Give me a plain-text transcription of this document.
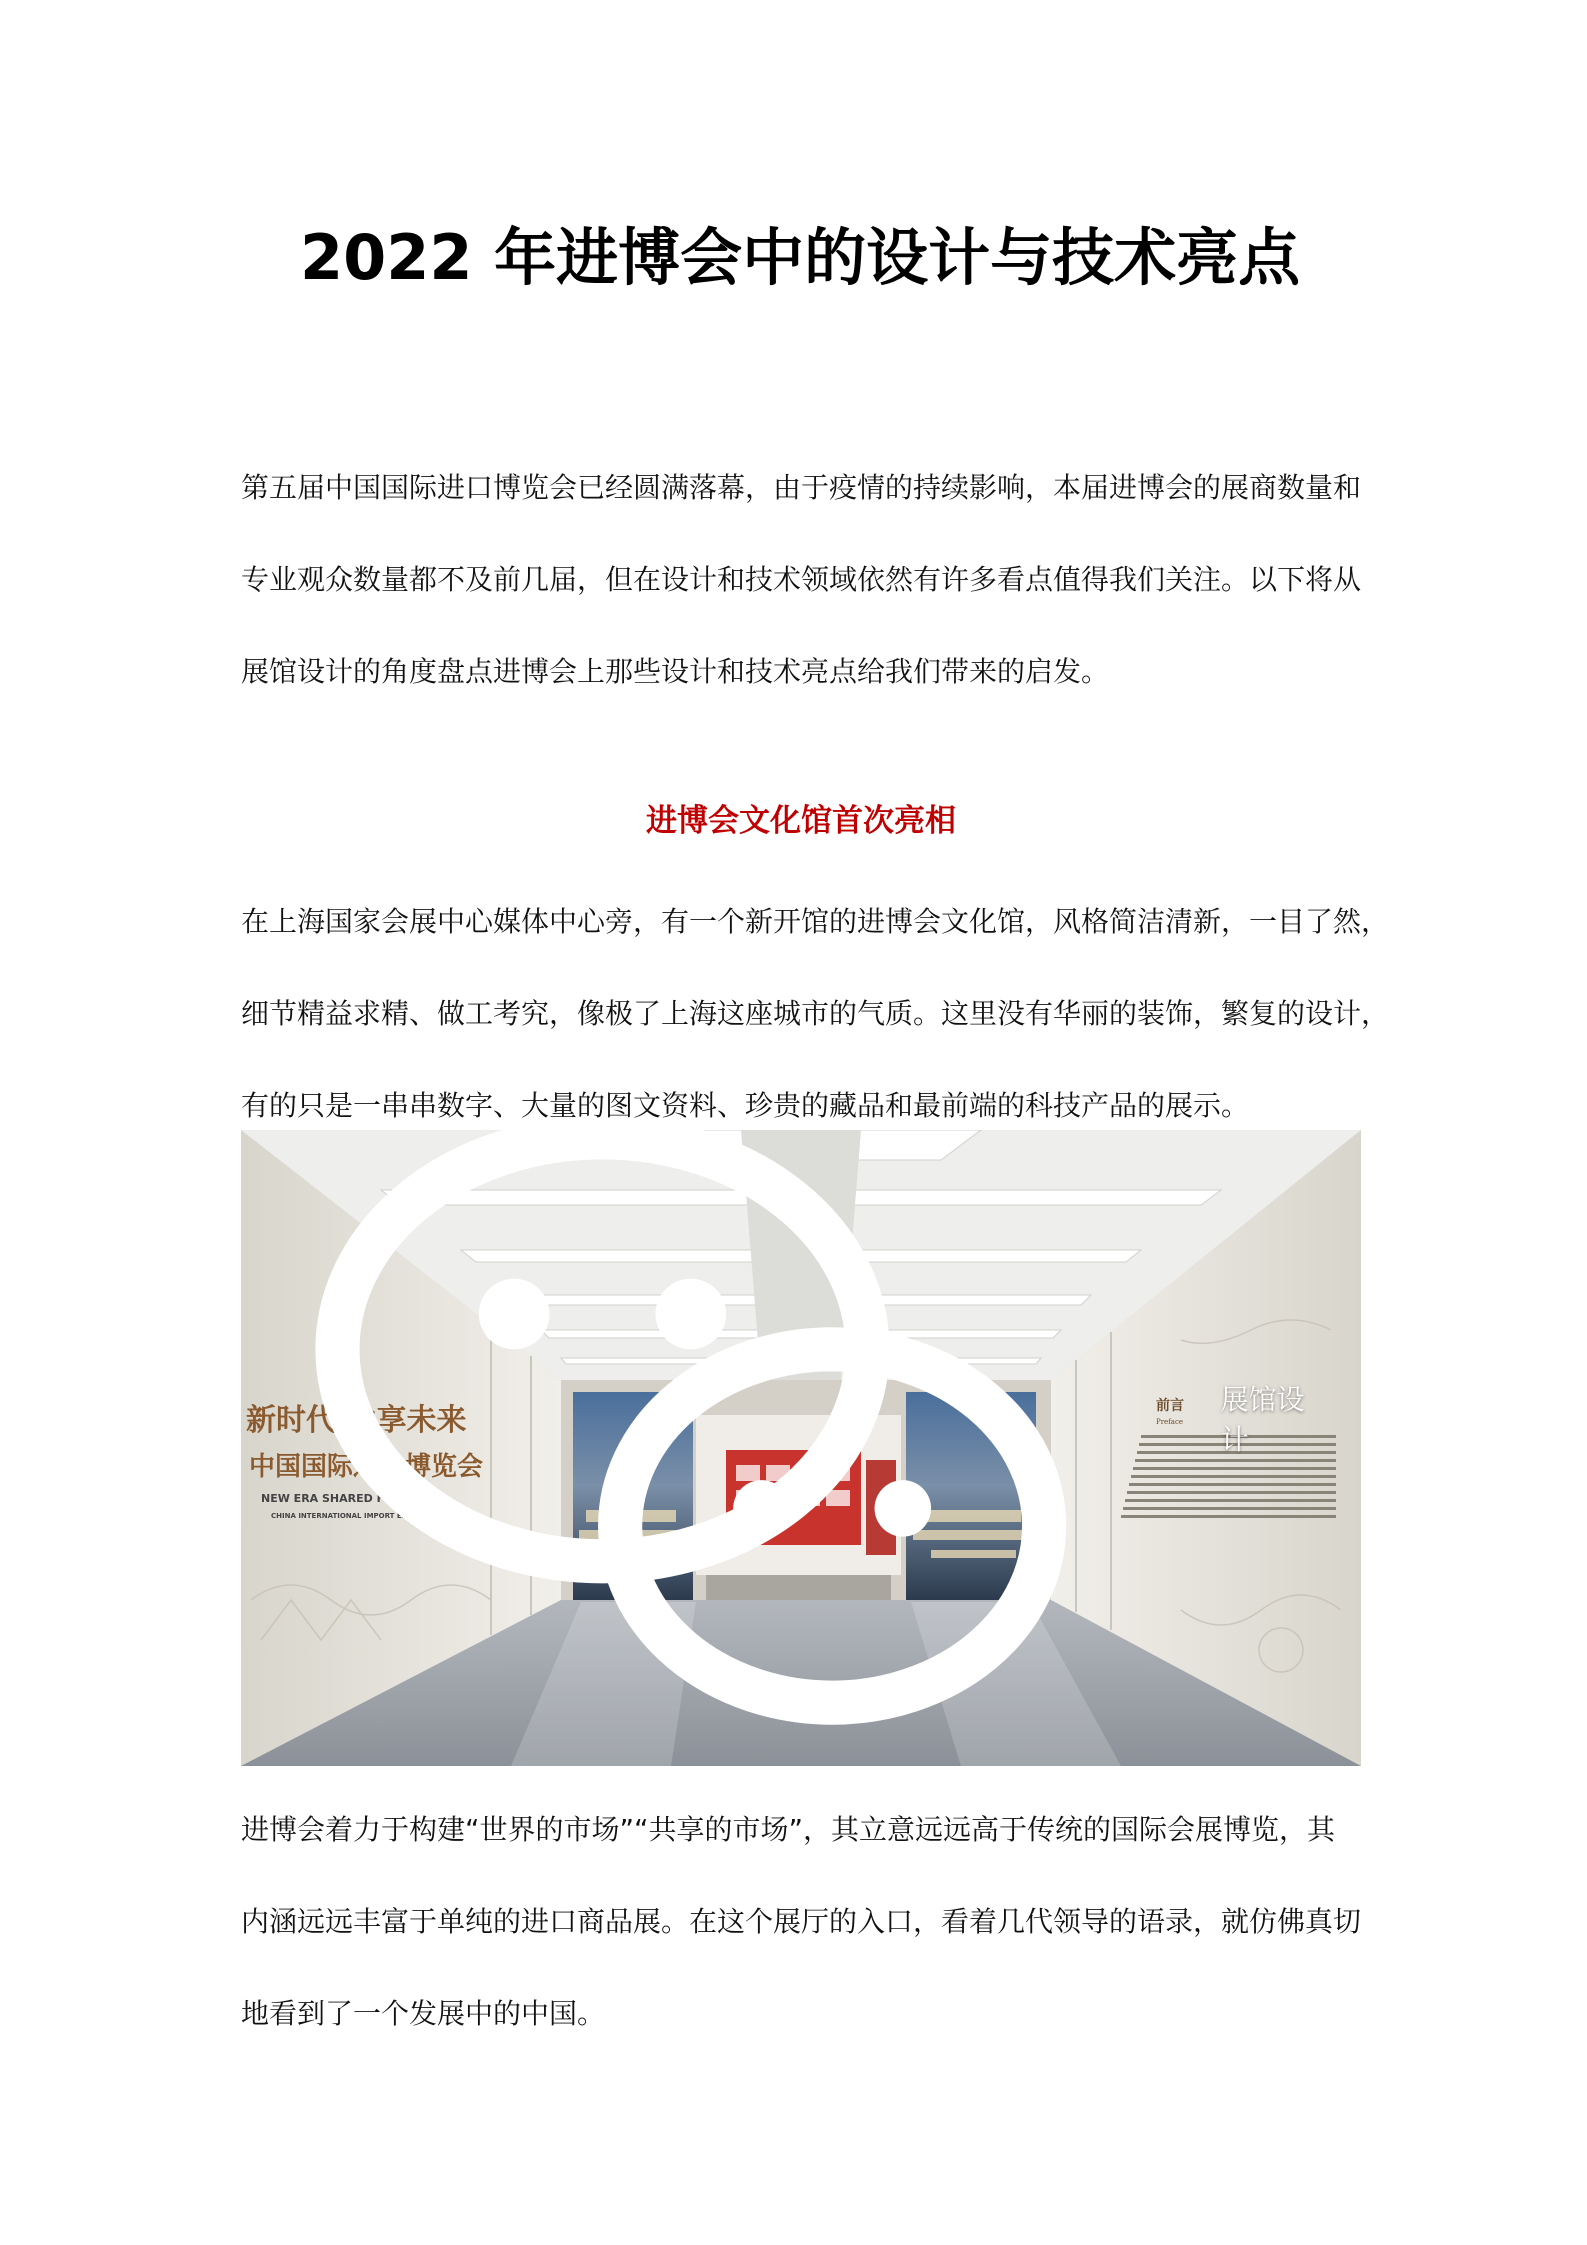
2022 年进博会中的设计与技术亮点
第五届中国国际进口博览会已经圆满落幕，由于疫情的持续影响，本届进博会的展商数量和
专业观众数量都不及前几届，但在设计和技术领域依然有许多看点值得我们关注。以下将从
展馆设计的角度盘点进博会上那些设计和技术亮点给我们带来的启发。
进博会文化馆首次亮相
在上海国家会展中心媒体中心旁，有一个新开馆的进博会文化馆，风格简洁清新，一目了然，
细节精益求精、做工考究，像极了上海这座城市的气质。这里没有华丽的装饰，繁复的设计，
有的只是一串串数字、大量的图文资料、珍贵的藏品和最前端的科技产品的展示。
新时代 共享未来
中国国际进口博览会
NEW ERA SHARED FUTURE
CHINA INTERNATIONAL IMPORT EXPO
前言
Preface
展馆设计
进博会着力于构建“世界的市场”“共享的市场”，其立意远远高于传统的国际会展博览，其
内涵远远丰富于单纯的进口商品展。在这个展厅的入口，看着几代领导的语录，就仿佛真切
地看到了一个发展中的中国。
